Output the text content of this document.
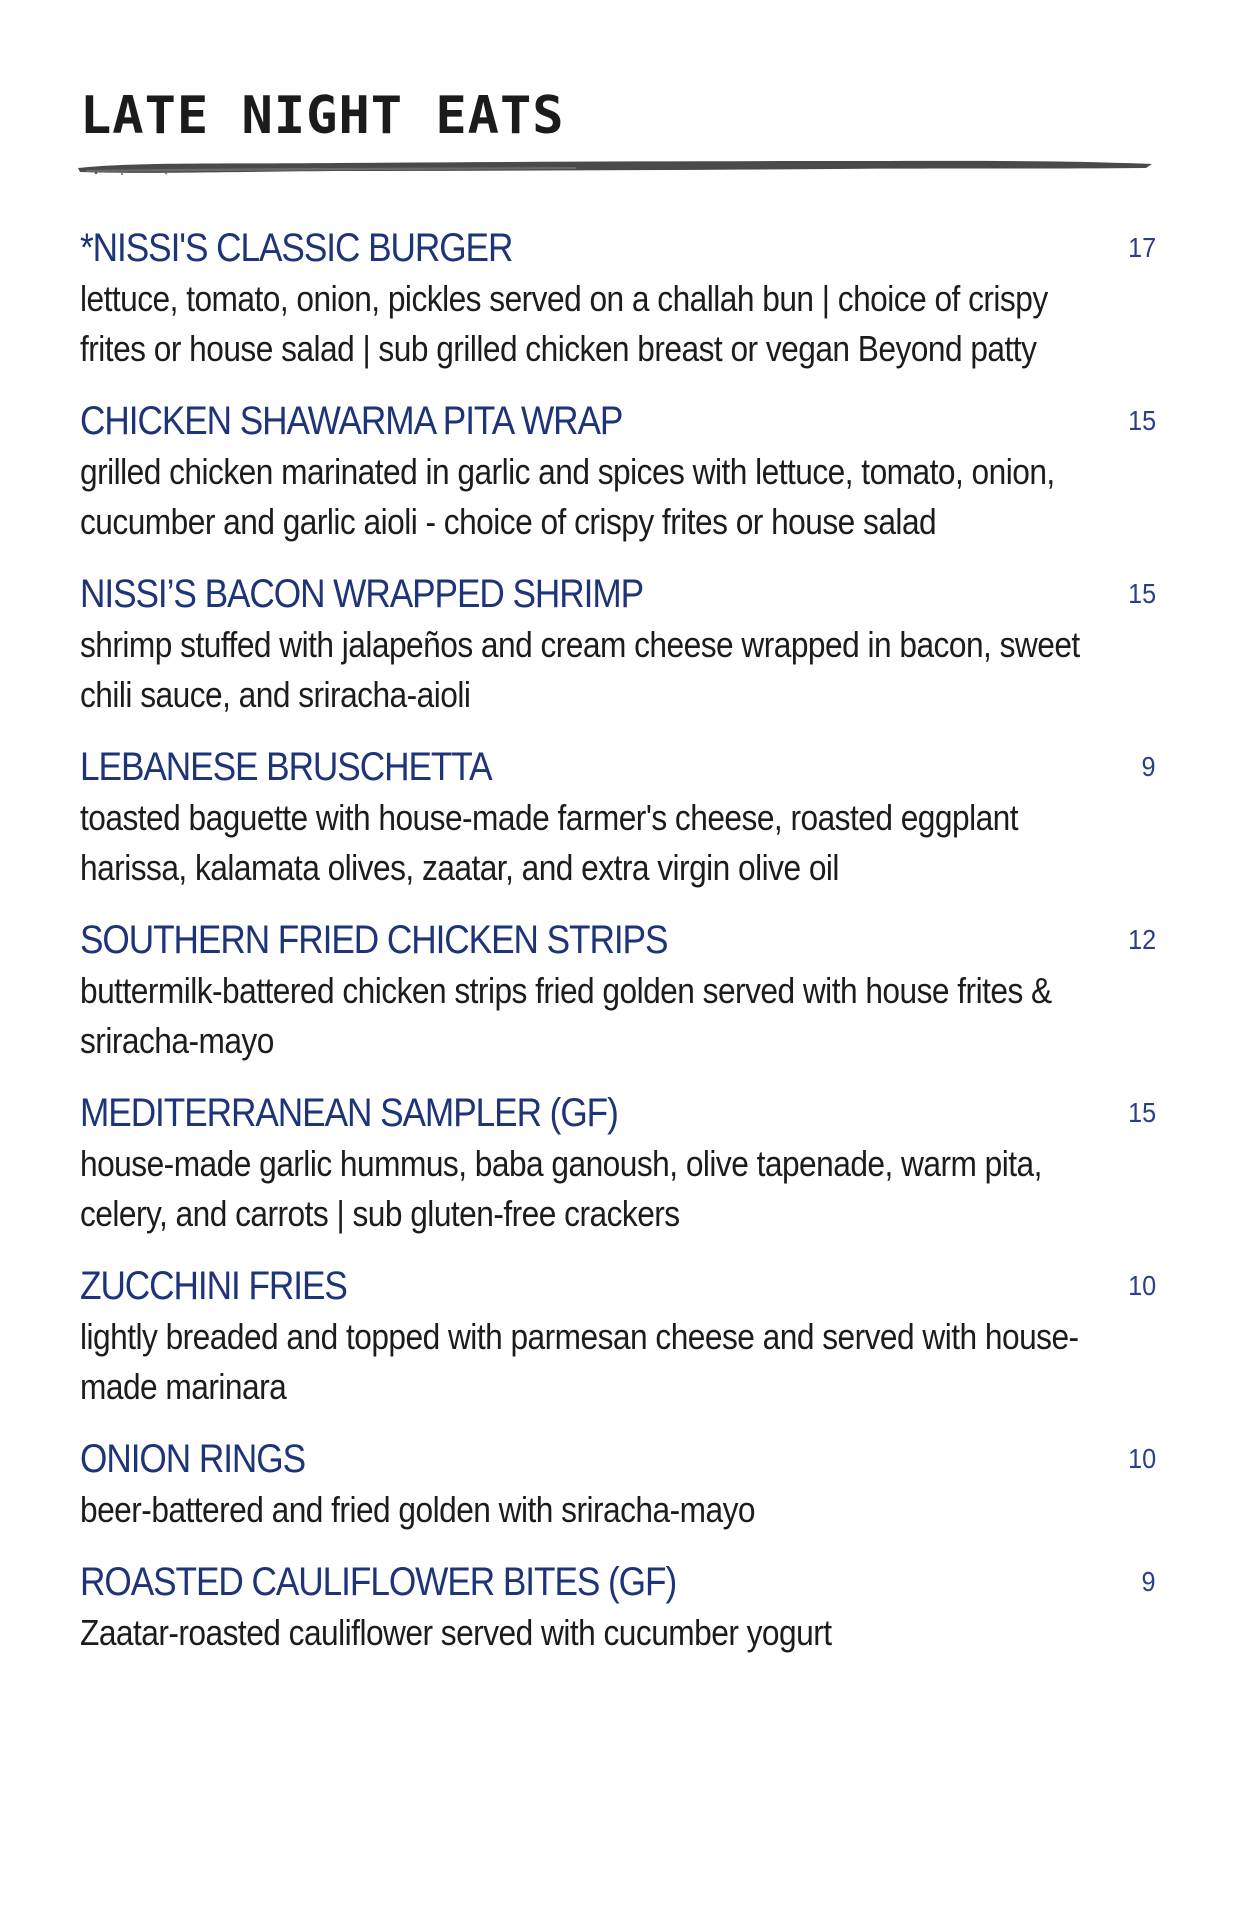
LATE NIGHT EATS
*NISSI'S CLASSIC BURGER	17
lettuce, tomato, onion, pickles served on a challah bun | choice of crispy frites or house salad | sub grilled chicken breast or vegan Beyond patty
CHICKEN SHAWARMA PITA WRAP	15
grilled chicken marinated in garlic and spices with lettuce, tomato, onion, cucumber and garlic aioli - choice of crispy frites or house salad
NISSI’S BACON WRAPPED SHRIMP	15
shrimp stuffed with jalapeños and cream cheese wrapped in bacon, sweet chili sauce, and sriracha-aioli
LEBANESE BRUSCHETTA	9
toasted baguette with house-made farmer's cheese, roasted eggplant harissa, kalamata olives, zaatar, and extra virgin olive oil
SOUTHERN FRIED CHICKEN STRIPS	12
buttermilk-battered chicken strips fried golden served with house frites & sriracha-mayo
MEDITERRANEAN SAMPLER (GF)	15
house-made garlic hummus, baba ganoush, olive tapenade, warm pita, celery, and carrots | sub gluten-free crackers
ZUCCHINI FRIES	10
lightly breaded and topped with parmesan cheese and served with house-made marinara
ONION RINGS	10
beer-battered and fried golden with sriracha-mayo
ROASTED CAULIFLOWER BITES (GF)	9
Zaatar-roasted cauliflower served with cucumber yogurt
